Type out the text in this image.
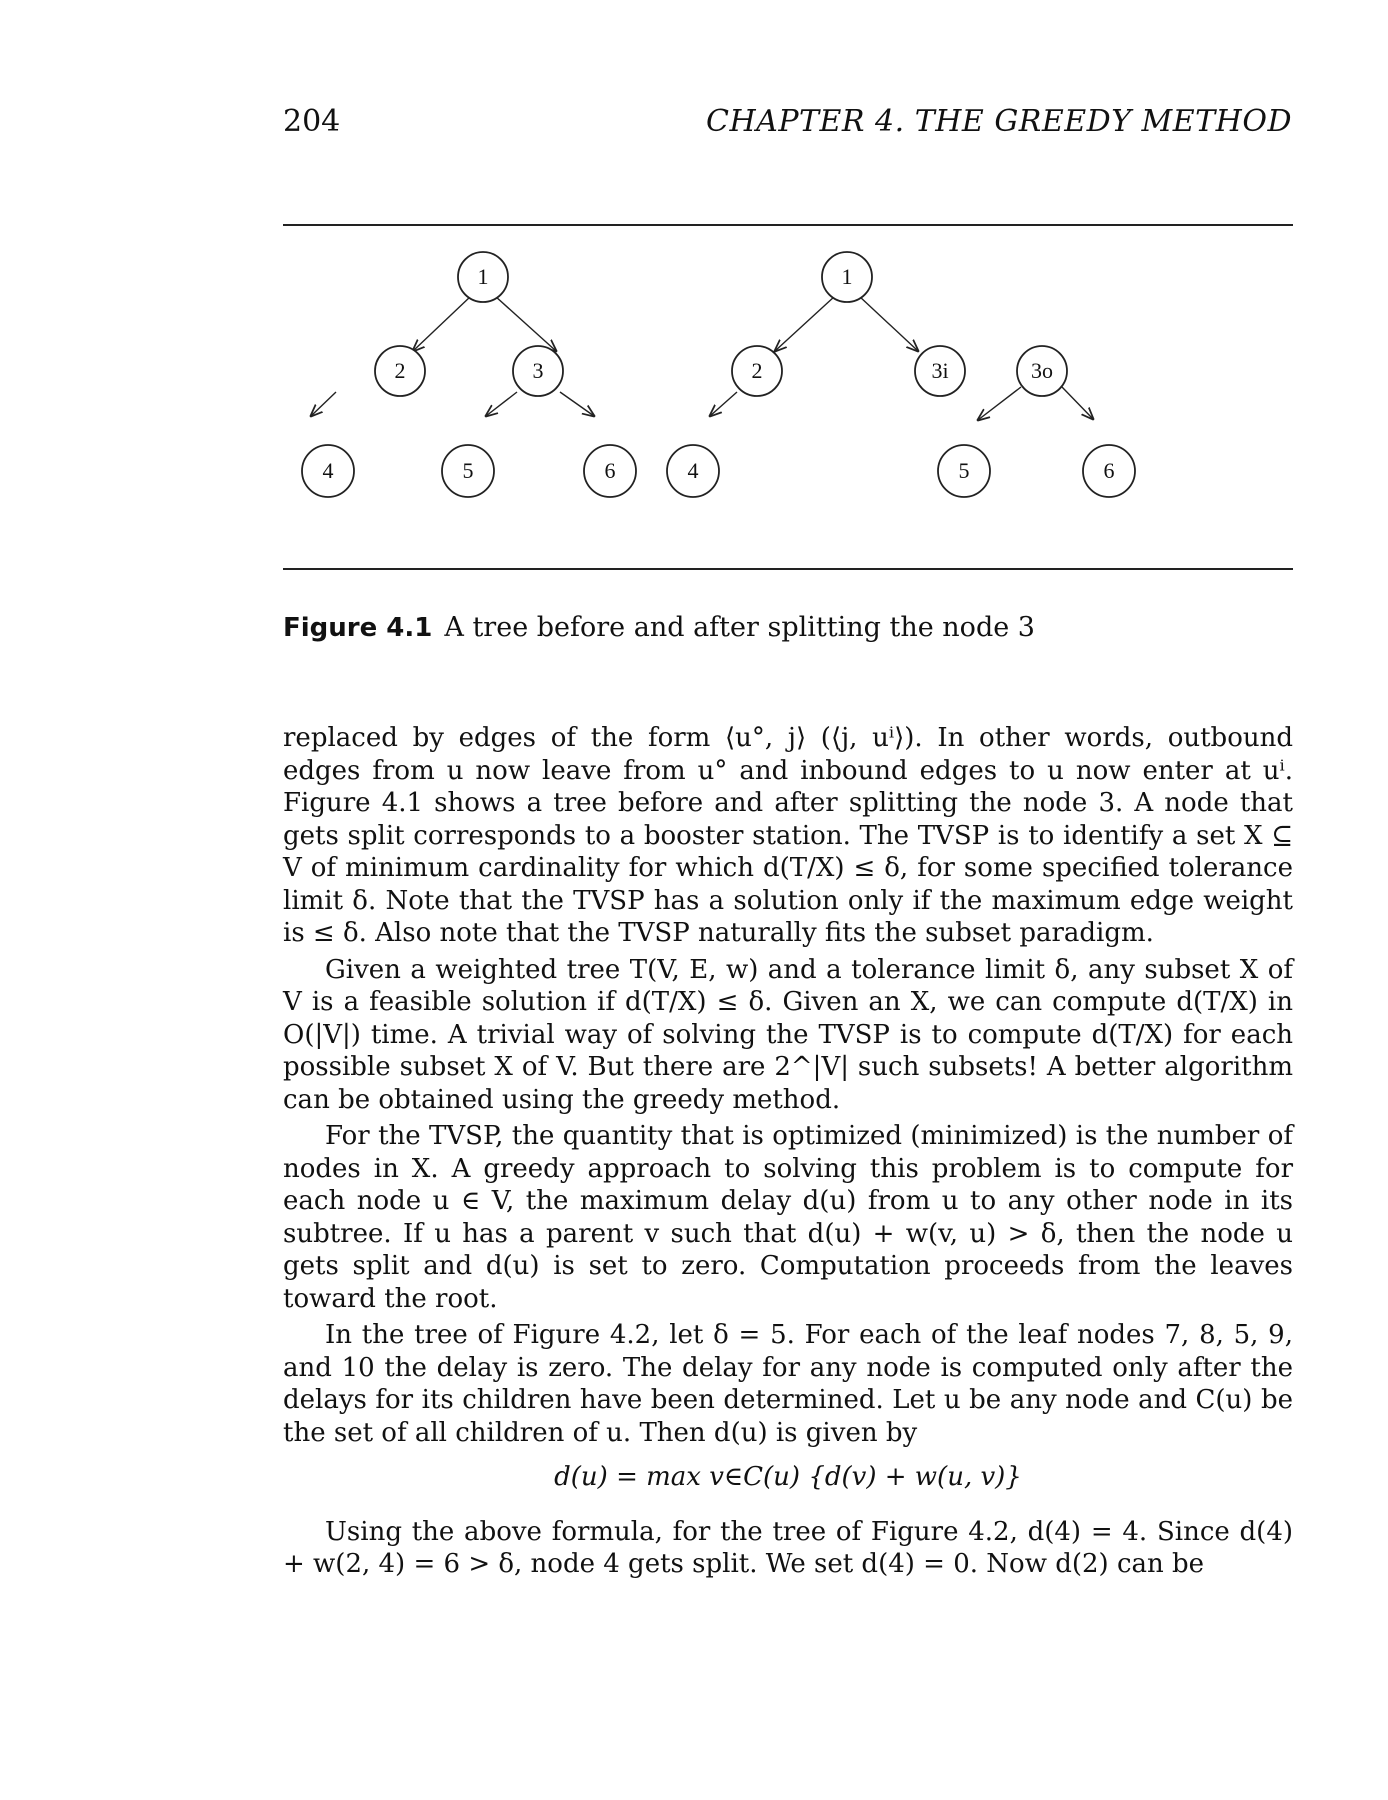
204	CHAPTER 4. THE GREEDY METHOD
1
2	3
4	5	6
1
2	3i	3o
4	5	6
Figure 4.1 A tree before and after splitting the node 3

replaced by edges of the form ⟨u°, j⟩ (⟨j, uⁱ⟩). In other words, outbound edges from u now leave from u° and inbound edges to u now enter at uⁱ. Figure 4.1 shows a tree before and after splitting the node 3. A node that gets split corresponds to a booster station. The TVSP is to identify a set X ⊆ V of minimum cardinality for which d(T/X) ≤ δ, for some specified tolerance limit δ. Note that the TVSP has a solution only if the maximum edge weight is ≤ δ. Also note that the TVSP naturally fits the subset paradigm.

Given a weighted tree T(V, E, w) and a tolerance limit δ, any subset X of V is a feasible solution if d(T/X) ≤ δ. Given an X, we can compute d(T/X) in O(|V|) time. A trivial way of solving the TVSP is to compute d(T/X) for each possible subset X of V. But there are 2^|V| such subsets! A better algorithm can be obtained using the greedy method.

For the TVSP, the quantity that is optimized (minimized) is the number of nodes in X. A greedy approach to solving this problem is to compute for each node u ∈ V, the maximum delay d(u) from u to any other node in its subtree. If u has a parent v such that d(u) + w(v, u) > δ, then the node u gets split and d(u) is set to zero. Computation proceeds from the leaves toward the root.

In the tree of Figure 4.2, let δ = 5. For each of the leaf nodes 7, 8, 5, 9, and 10 the delay is zero. The delay for any node is computed only after the delays for its children have been determined. Let u be any node and C(u) be the set of all children of u. Then d(u) is given by

d(u) = max v∈C(u) {d(v) + w(u, v)}

Using the above formula, for the tree of Figure 4.2, d(4) = 4. Since d(4) + w(2, 4) = 6 > δ, node 4 gets split. We set d(4) = 0. Now d(2) can be
